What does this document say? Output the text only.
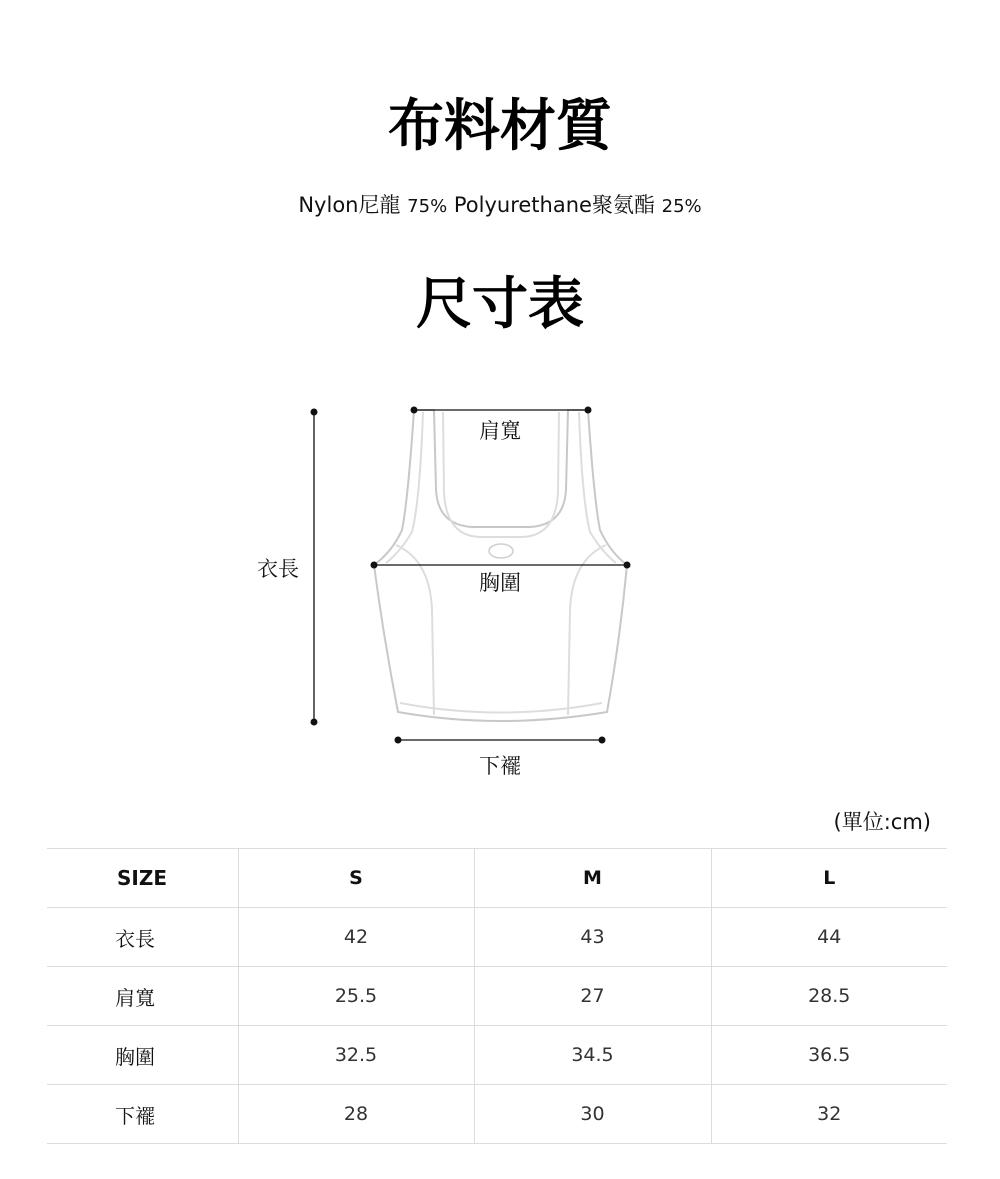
布料材質
Nylon尼龍 75% Polyurethane聚氨酯 25%
尺寸表
衣長
肩寬
胸圍
下襬
(單位:cm)
SIZE	S	M	L
衣長	42	43	44
肩寬	25.5	27	28.5
胸圍	32.5	34.5	36.5
下襬	28	30	32
